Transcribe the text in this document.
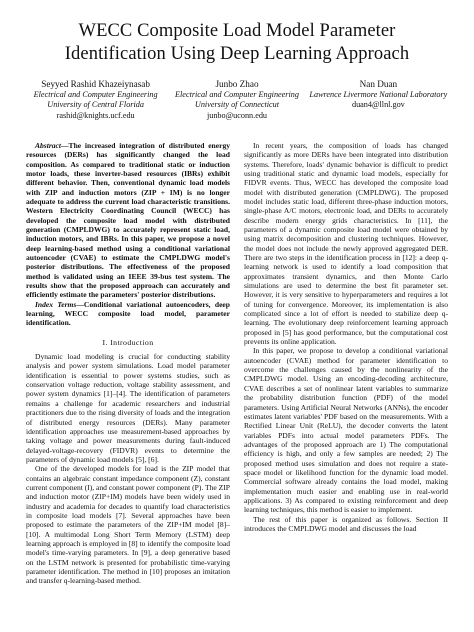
WECC Composite Load Model Parameter
Identification Using Deep Learning Approach
Seyyed Rashid Khazeiynasab
Electrical and Computer Engineering
University of Central Florida
rashid@knights.ucf.edu
Junbo Zhao
Electrical and Computer Engineering
University of Connecticut
junbo@uconn.edu
Nan Duan
Lawrence Livermore National Laboratory
duan4@llnl.gov

Abstract—The increased integration of distributed energy resources (DERs) has significantly changed the load composition. As compared to traditional static or induction motor loads, these inverter-based resources (IBRs) exhibit different behavior. Then, conventional dynamic load models with ZIP and induction motors (ZIP + IM) is no longer adequate to address the current load characteristic transitions. Western Electricity Coordinating Council (WECC) has developed the composite load model with distributed generation (CMPLDWG) to accurately represent static load, induction motors, and IBRs. In this paper, we propose a novel deep learning-based method using a conditional variational autoencoder (CVAE) to estimate the CMPLDWG model's posterior distributions. The effectiveness of the proposed method is validated using an IEEE 39-bus test system. The results show that the proposed approach can accurately and efficiently estimate the parameters' posterior distributions.

Index Terms—Conditional variational autoencoders, deep learning, WECC composite load model, parameter identification.

I. Introduction

Dynamic load modeling is crucial for conducting stability analysis and power system simulations. Load model parameter identification is essential to power systems studies, such as conservation voltage reduction, voltage stability assessment, and power system dynamics [1]–[4]. The identification of parameters remains a challenge for academic researchers and industrial practitioners due to the rising diversity of loads and the integration of distributed energy resources (DERs). Many parameter identification approaches use measurement-based approaches by taking voltage and power measurements during fault-induced delayed-voltage-recovery (FIDVR) events to determine the parameters of dynamic load models [5], [6].

One of the developed models for load is the ZIP model that contains an algebraic constant impedance component (Z), constant current component (I), and constant power component (P). The ZIP and induction motor (ZIP+IM) models have been widely used in industry and academia for decades to quantify load characteristics in composite load models [7]. Several approaches have been proposed to estimate the parameters of the ZIP+IM model [8]–[10]. A multimodal Long Short Term Memory (LSTM) deep learning approach is employed in [8] to identify the composite load model's time-varying parameters. In [9], a deep generative based on the LSTM network is presented for probabilistic time-varying parameter identification. The method in [10] proposes an imitation and transfer q-learning-based method.

In recent years, the composition of loads has changed significantly as more DERs have been integrated into distribution systems. Therefore, loads' dynamic behavior is difficult to predict using traditional static and dynamic load models, especially for FIDVR events. Thus, WECC has developed the composite load model with distributed generation (CMPLDWG). The proposed model includes static load, different three-phase induction motors, single-phase A/C motors, electronic load, and DERs to accurately describe modern energy grids characteristics. In [11], the parameters of a dynamic composite load model were obtained by using matrix decomposition and clustering techniques. However, the model does not include the newly approved aggregated DER. There are two steps in the identification process in [12]: a deep q-learning network is used to identify a load composition that approximates transient dynamics, and then Monte Carlo simulations are used to determine the best fit parameter set. However, it is very sensitive to hyperparameters and requires a lot of tuning for convergence. Moreover, its implementation is also complicated since a lot of effort is needed to stabilize deep q-learning. The evolutionary deep reinforcement learning approach proposed in [5] has good performance, but the computational cost prevents its online application.

In this paper, we propose to develop a conditional variational autoencoder (CVAE) method for parameter identification to overcome the challenges caused by the nonlinearity of the CMPLDWG model. Using an encoding-decoding architecture, CVAE describes a set of nonlinear latent variables to summarize the probability distribution function (PDF) of the model parameters. Using Artificial Neural Networks (ANNs), the encoder estimates latent variables' PDF based on the measurements. With a Rectified Linear Unit (ReLU), the decoder converts the latent variables PDFs into actual model parameters PDFs. The advantages of the proposed approach are 1) The computational efficiency is high, and only a few samples are needed; 2) The proposed method uses simulation and does not require a state-space model or likelihood function for the dynamic load model. Commercial software already contains the load model, making implementation much easier and enabling use in real-world applications. 3) As compared to existing reinforcement and deep learning techniques, this method is easier to implement.

The rest of this paper is organized as follows. Section II introduces the CMPLDWG model and discusses the load
